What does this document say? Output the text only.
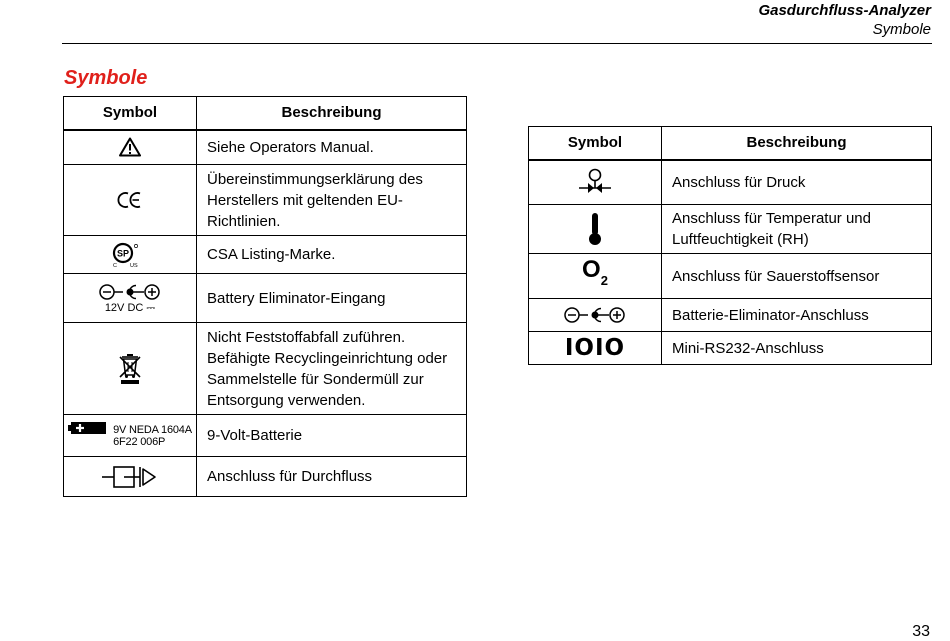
Gasdurchfluss-Analyzer
Symbole
Symbole
Symbol	Beschreibung

	Siehe Operators Manual.

	Übereinstimmungserklärung des Herstellers mit geltenden EU-Richtlinien.

SP
C US	CSA Listing-Marke.

12V DC ⎓	Battery Eliminator-Eingang

	Nicht Feststoffabfall zuführen. Befähigte Recyclingeinrichtung oder Sammelstelle für Sondermüll zur Entsorgung verwenden.

9V NEDA 1604A
6F22 006P	9-Volt-Batterie

	Anschluss für Durchfluss
Symbol	Beschreibung

	Anschluss für Druck

	Anschluss für Temperatur und Luftfeuchtigkeit (RH)
$O_2$	Anschluss für Sauerstoffsensor

	Batterie-Eliminator-Anschluss
IOIO	Mini-RS232-Anschluss
33
